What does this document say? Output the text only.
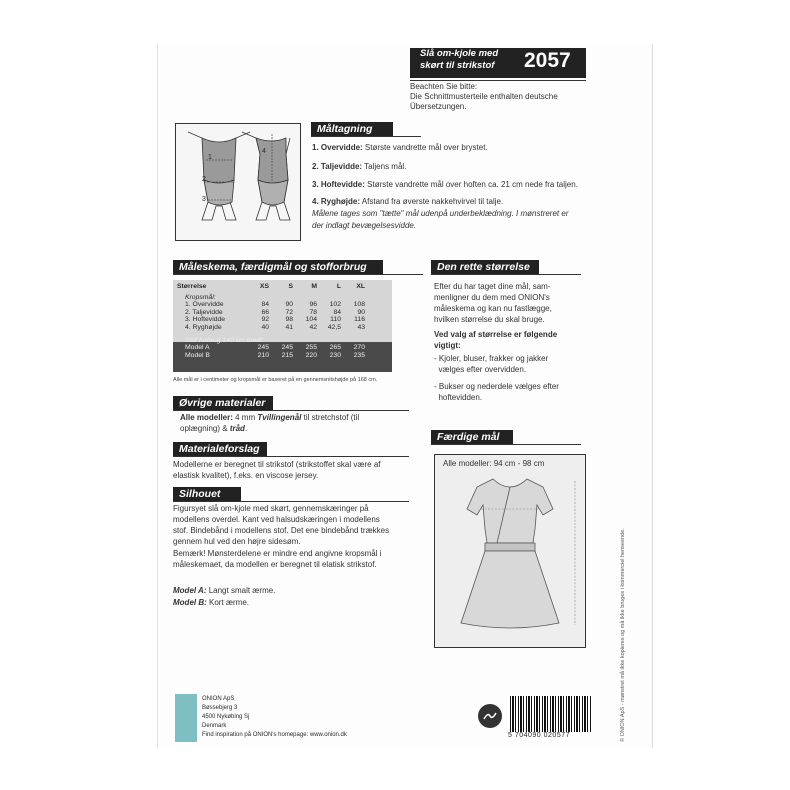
Slå om-kjole med
skørt til strikstof 2057
Beachten Sie bitte:
Die Schnittmusterteile enthalten deutsche
Übersetzungen.
1
2
3
4
Måltagning
1. Overvidde: Største vandrette mål over brystet.
2. Taljevidde: Taljens mål.
3. Hoftevidde: Største vandrette mål over hoften ca. 21 cm nede fra taljen.
4. Ryghøjde: Afstand fra øverste nakkehvirvel til talje.
Målene tages som "tætte" mål udenpå underbeklædning. I mønstreret er
der indlagt bevægelsesvidde.
Måleskema, færdigmål og stofforbrug
Størrelse	XS	S	M	L	XL
Kropsmål:					
1. Overvidde	84	90	96	102	108
2. Taljevidde	66	72	78	84	90
3. Hoftevidde	92	98	104	110	116
4. Ryghøjde	40	41	42	42,5	43
Stof forbrug 140 cm bredt:					
Model A	245	245	255	265	270
Model B	210	215	220	230	235
Alle mål er i centimeter og kropsmål er baseret på en gennemsnitshøjde på 168 cm.
Øvrige materialer
Alle modeller: 4 mm Tvillingenål til stretchstof (til
oplægning) & tråd.
Materialeforslag
Modellerne er beregnet til strikstof (strikstoffet skal være af
elastisk kvalitet), f.eks. en viscose jersey.
Silhouet
Figursyet slå om-kjole med skørt, gennemskæringer på
modellens overdel. Kant ved halsudskæringen i modellens
stof. Bindebånd i modellens stof. Det ene bindebånd trækkes
gennem hul ved den højre sidesøm.
Bemærk! Mønsterdelene er mindre end angivne kropsmål i
måleskemaet, da modellen er beregnet til elatisk strikstof.
Model A: Langt smalt ærme.
Model B: Kort ærme.
Den rette størrelse
Efter du har taget dine mål, sam-
menligner du dem med ONION's
måleskema og kan nu fastlægge,
hvilken størrelse du skal bruge.
Ved valg af størrelse er følgende
vigtigt:
- Kjoler, bluser, frakker og jakker
vælges efter overvidden.
- Bukser og nederdele vælges efter
hoftevidden.
Færdige mål
Alle modeller: 94 cm - 98 cm
ONION ApS
Bøssebjerg 3
4500 Nykøbing Sj
Denmark
Find inspiration på ONION's homepage: www.onion.dk	5 704090 020577	© ONION ApS - mønstret må ikke kopieres og må ikke bruges i kommerciel henseende.
